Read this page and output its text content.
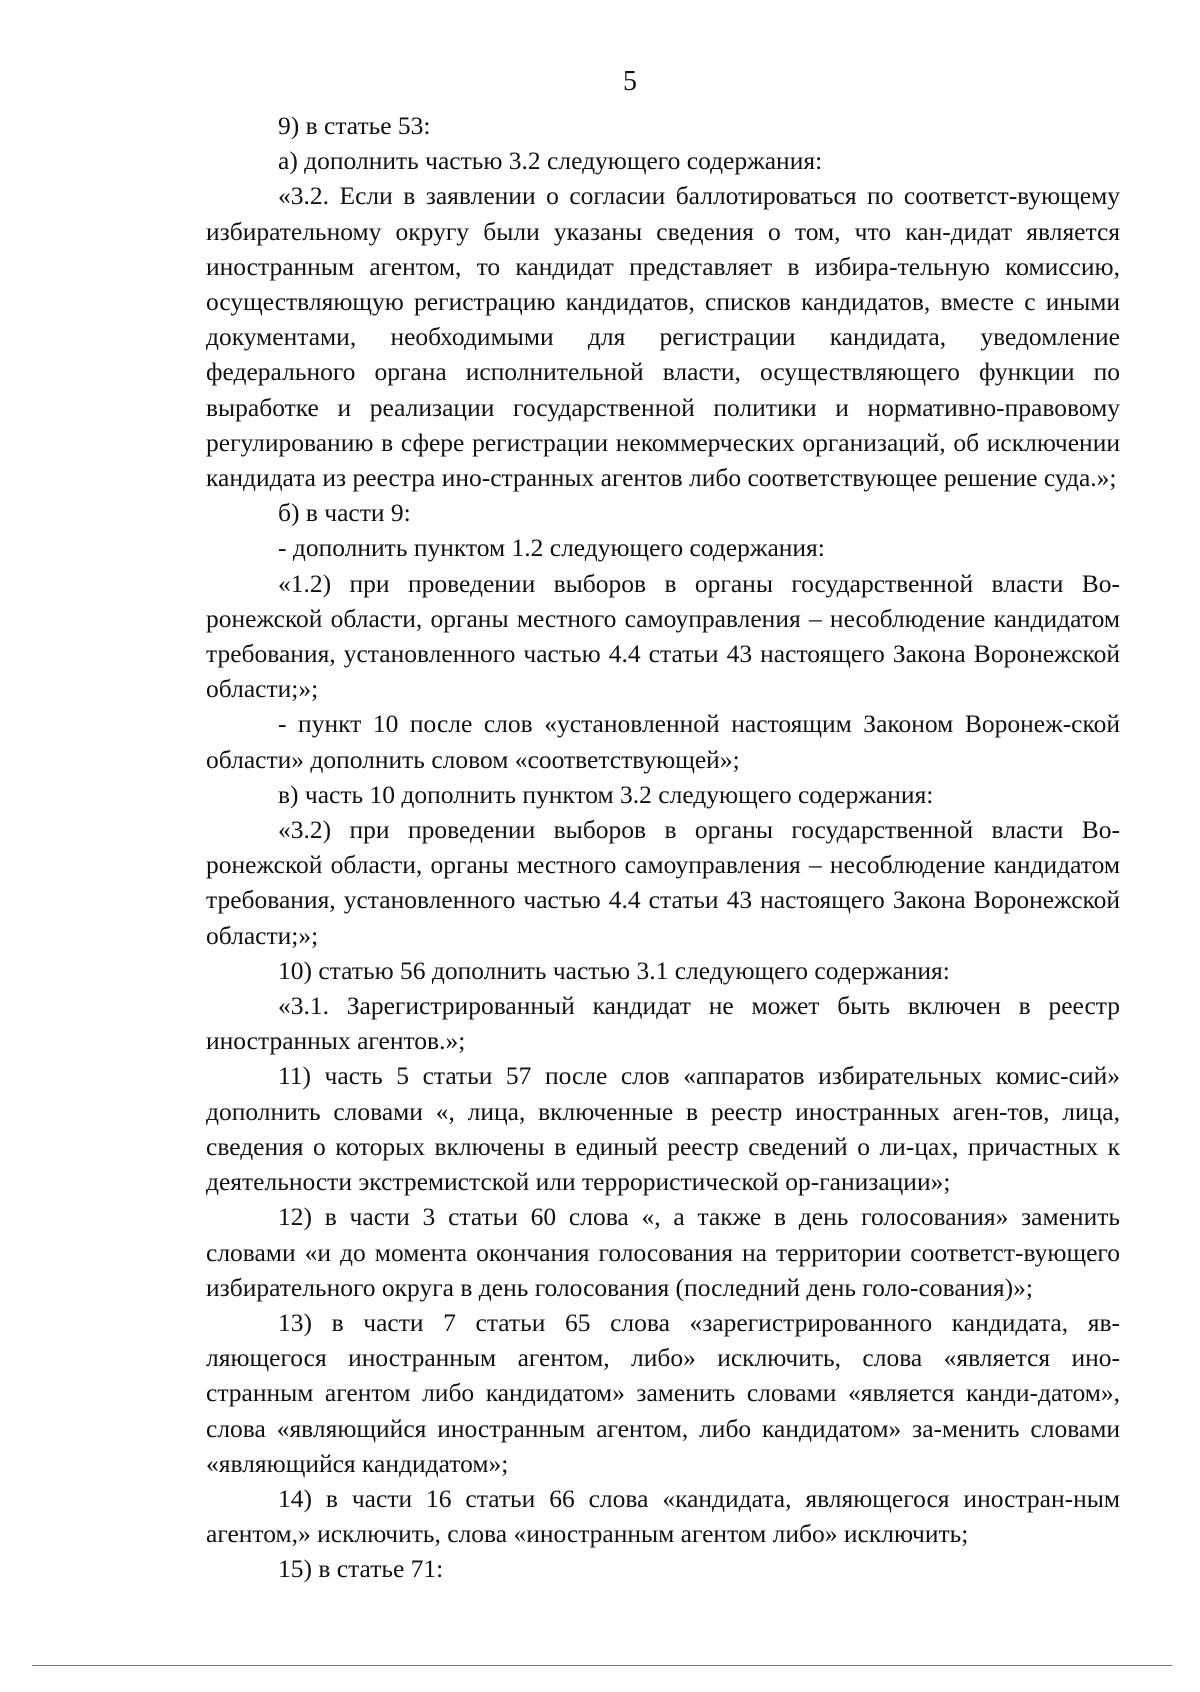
5

9) в статье 53:

а) дополнить частью 3.2 следующего содержания:

«3.2. Если в заявлении о согласии баллотироваться по соответст-вующему избирательному округу были указаны сведения о том, что кан-дидат является иностранным агентом, то кандидат представляет в избира-тельную комиссию, осуществляющую регистрацию кандидатов, списков кандидатов, вместе с иными документами, необходимыми для регистрации кандидата, уведомление федерального органа исполнительной власти, осуществляющего функции по выработке и реализации государственной политики и нормативно-правовому регулированию в сфере регистрации некоммерческих организаций, об исключении кандидата из реестра ино-странных агентов либо соответствующее решение суда.»;

б) в части 9:

- дополнить пунктом 1.2 следующего содержания:

«1.2) при проведении выборов в органы государственной власти Во-ронежской области, органы местного самоуправления – несоблюдение кандидатом требования, установленного частью 4.4 статьи 43 настоящего Закона Воронежской области;»;

- пункт 10 после слов «установленной настоящим Законом Воронеж-ской области» дополнить словом «соответствующей»;

в) часть 10 дополнить пунктом 3.2 следующего содержания:

«3.2) при проведении выборов в органы государственной власти Во-ронежской области, органы местного самоуправления – несоблюдение кандидатом требования, установленного частью 4.4 статьи 43 настоящего Закона Воронежской области;»;

10) статью 56 дополнить частью 3.1 следующего содержания:

«3.1. Зарегистрированный кандидат не может быть включен в реестр иностранных агентов.»;

11) часть 5 статьи 57 после слов «аппаратов избирательных комис-сий» дополнить словами «, лица, включенные в реестр иностранных аген-тов, лица, сведения о которых включены в единый реестр сведений о ли-цах, причастных к деятельности экстремистской или террористической ор-ганизации»;

12) в части 3 статьи 60 слова «, а также в день голосования» заменить словами «и до момента окончания голосования на территории соответст-вующего избирательного округа в день голосования (последний день голо-сования)»;

13) в части 7 статьи 65 слова «зарегистрированного кандидата, яв-ляющегося иностранным агентом, либо» исключить, слова «является ино-странным агентом либо кандидатом» заменить словами «является канди-датом», слова «являющийся иностранным агентом, либо кандидатом» за-менить словами «являющийся кандидатом»;

14) в части 16 статьи 66 слова «кандидата, являющегося иностран-ным агентом,» исключить, слова «иностранным агентом либо» исключить;

15) в статье 71:
